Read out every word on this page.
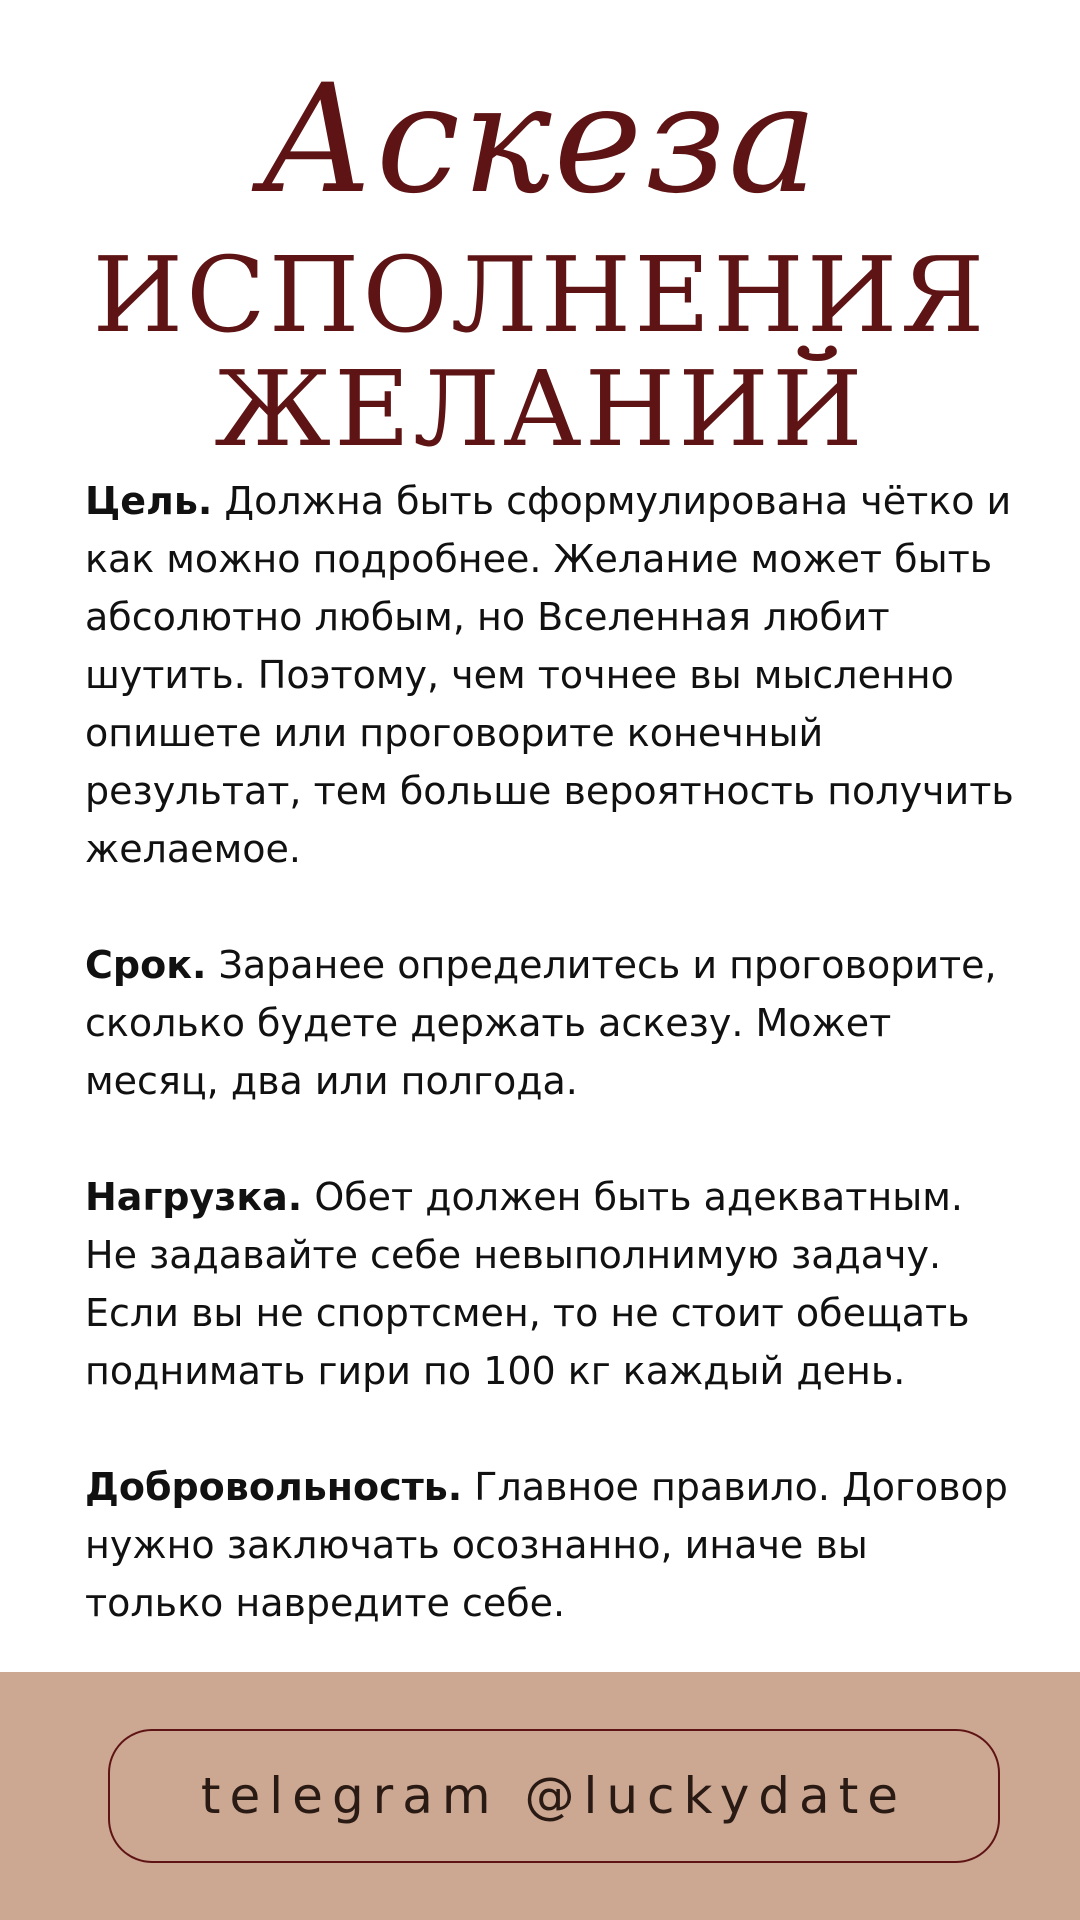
Аскеза
ИСПОЛНЕНИЯ
ЖЕЛАНИЙ

Цель. Должна быть сформулирована чётко и как можно подробнее. Желание может быть абсолютно любым, но Вселенная любит шутить. Поэтому, чем точнее вы мысленно опишете или проговорите конечный результат, тем больше вероятность получить желаемое.

Срок. Заранее определитесь и проговорите, сколько будете держать аскезу. Может месяц, два или полгода.

Нагрузка. Обет должен быть адекватным. Не задавайте себе невыполнимую задачу. Если вы не спортсмен, то не стоит обещать поднимать гири по 100 кг каждый день.

Добровольность. Главное правило. Договор нужно заключать осознанно, иначе вы только навредите себе.

telegram @luckydate
